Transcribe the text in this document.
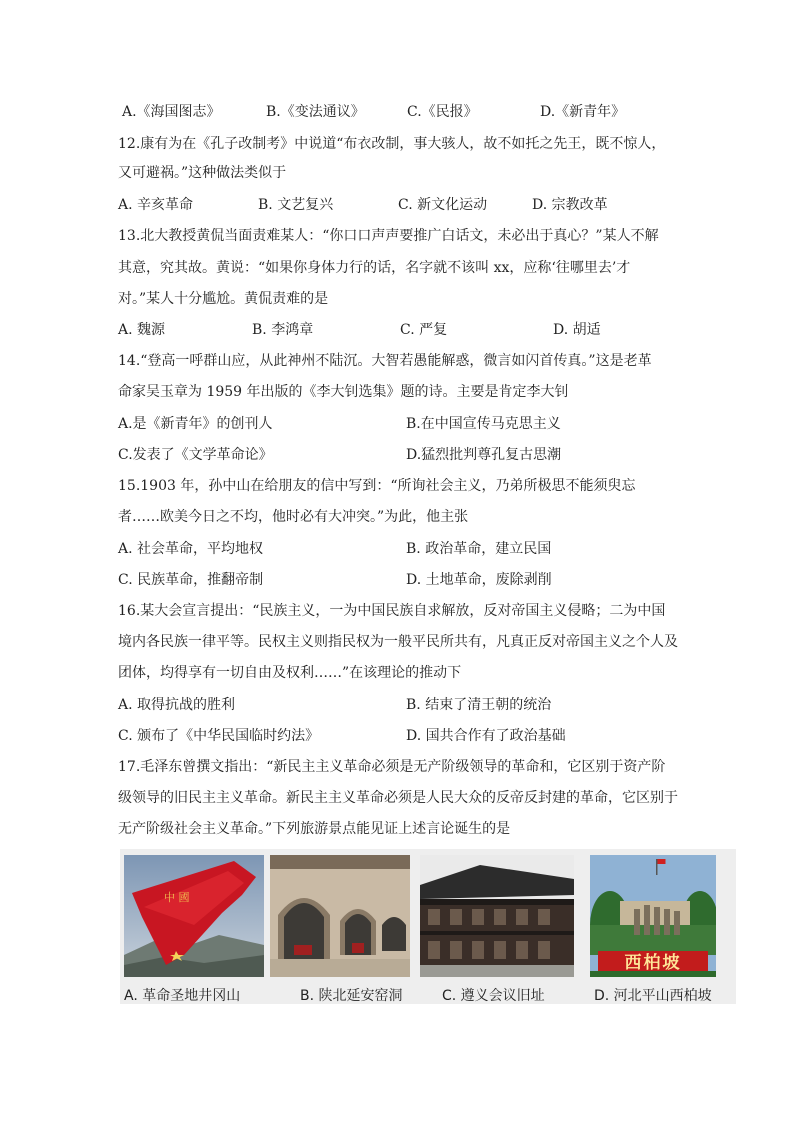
A.《海国图志》	B.《变法通议》	C.《民报》	D.《新青年》
12.康有为在《孔子改制考》中说道“布衣改制，事大骇人，故不如托之先王，既不惊人，
又可避祸。”这种做法类似于
A. 辛亥革命	B. 文艺复兴	C. 新文化运动	D. 宗教改革
13.北大教授黄侃当面责难某人：“你口口声声要推广白话文，未必出于真心？”某人不解
其意，究其故。黄说：“如果你身体力行的话，名字就不该叫 xx，应称‘往哪里去’才
对。”某人十分尴尬。黄侃责难的是
A. 魏源	B. 李鸿章	C. 严复	D. 胡适
14.“登高一呼群山应，从此神州不陆沉。大智若愚能解惑，微言如闪首传真。”这是老革
命家吴玉章为 1959 年出版的《李大钊选集》题的诗。主要是肯定李大钊
A.是《新青年》的创刊人	B.在中国宣传马克思主义
C.发表了《文学革命论》	D.猛烈批判尊孔复古思潮
15.1903 年，孙中山在给朋友的信中写到：“所询社会主义，乃弟所极思不能须臾忘
者……欧美今日之不均，他时必有大冲突。”为此，他主张
A. 社会革命，平均地权	B. 政治革命，建立民国
C. 民族革命，推翻帝制	D. 土地革命，废除剥削
16.某大会宣言提出：“民族主义，一为中国民族自求解放，反对帝国主义侵略；二为中国
境内各民族一律平等。民权主义则指民权为一般平民所共有，凡真正反对帝国主义之个人及
团体，均得享有一切自由及权利……”在该理论的推动下
A. 取得抗战的胜利	B. 结束了清王朝的统治
C. 颁布了《中华民国临时约法》	D. 国共合作有了政治基础
17.毛泽东曾撰文指出：“新民主主义革命必须是无产阶级领导的革命和，它区别于资产阶
级领导的旧民主主义革命。新民主主义革命必须是人民大众的反帝反封建的革命，它区别于
无产阶级社会主义革命。”下列旅游景点能见证上述言论诞生的是
中 國
西柏坡
A. 革命圣地井冈山	B. 陕北延安窑洞	C. 遵义会议旧址	D. 河北平山西柏坡
